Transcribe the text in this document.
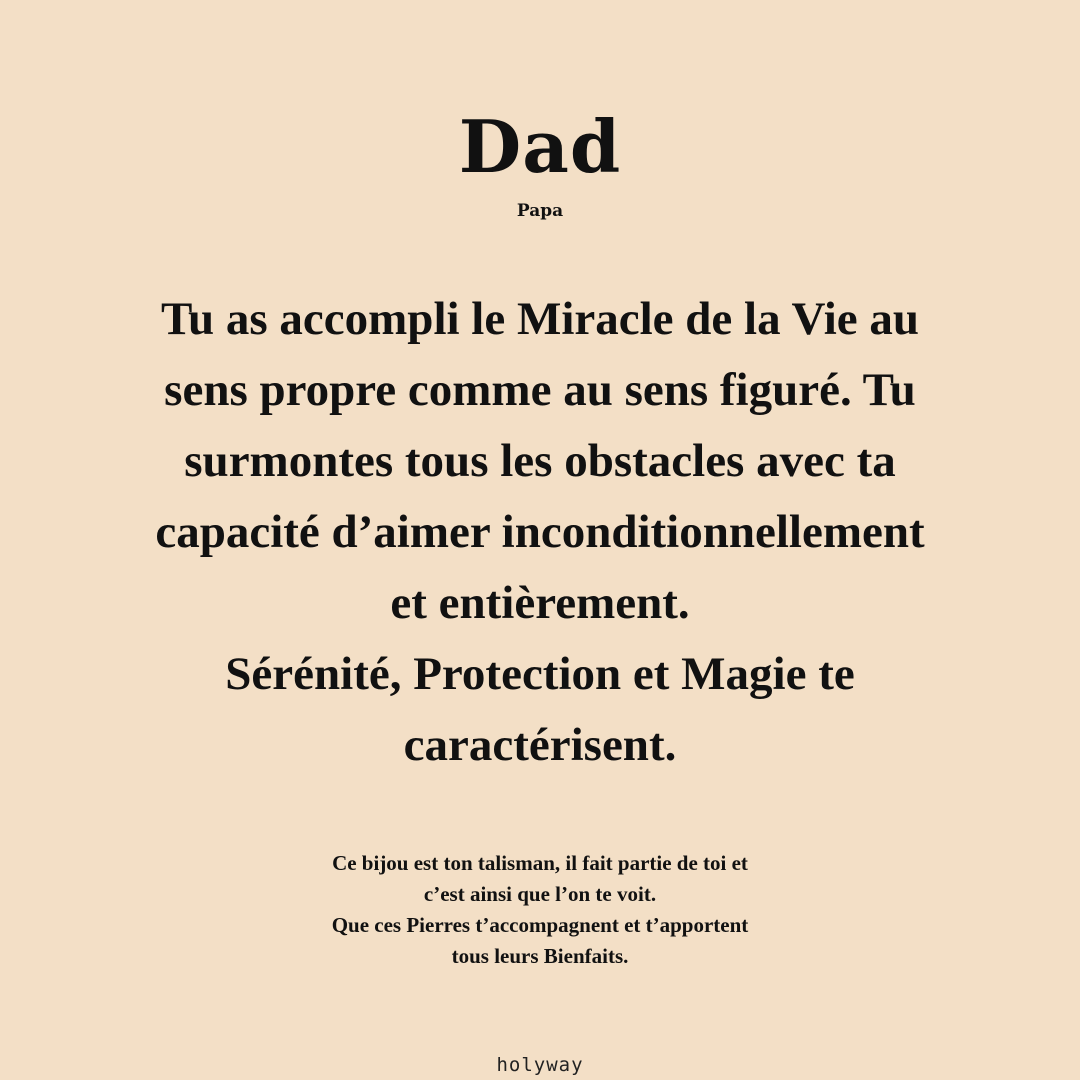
Dad
Papa
Tu as accompli le Miracle de la Vie au
sens propre comme au sens figuré. Tu
surmontes tous les obstacles avec ta
capacité d’aimer inconditionnellement
et entièrement.
Sérénité, Protection et Magie te
caractérisent.
Ce bijou est ton talisman, il fait partie de toi et
c’est ainsi que l’on te voit.
Que ces Pierres t’accompagnent et t’apportent
tous leurs Bienfaits.
holyway
